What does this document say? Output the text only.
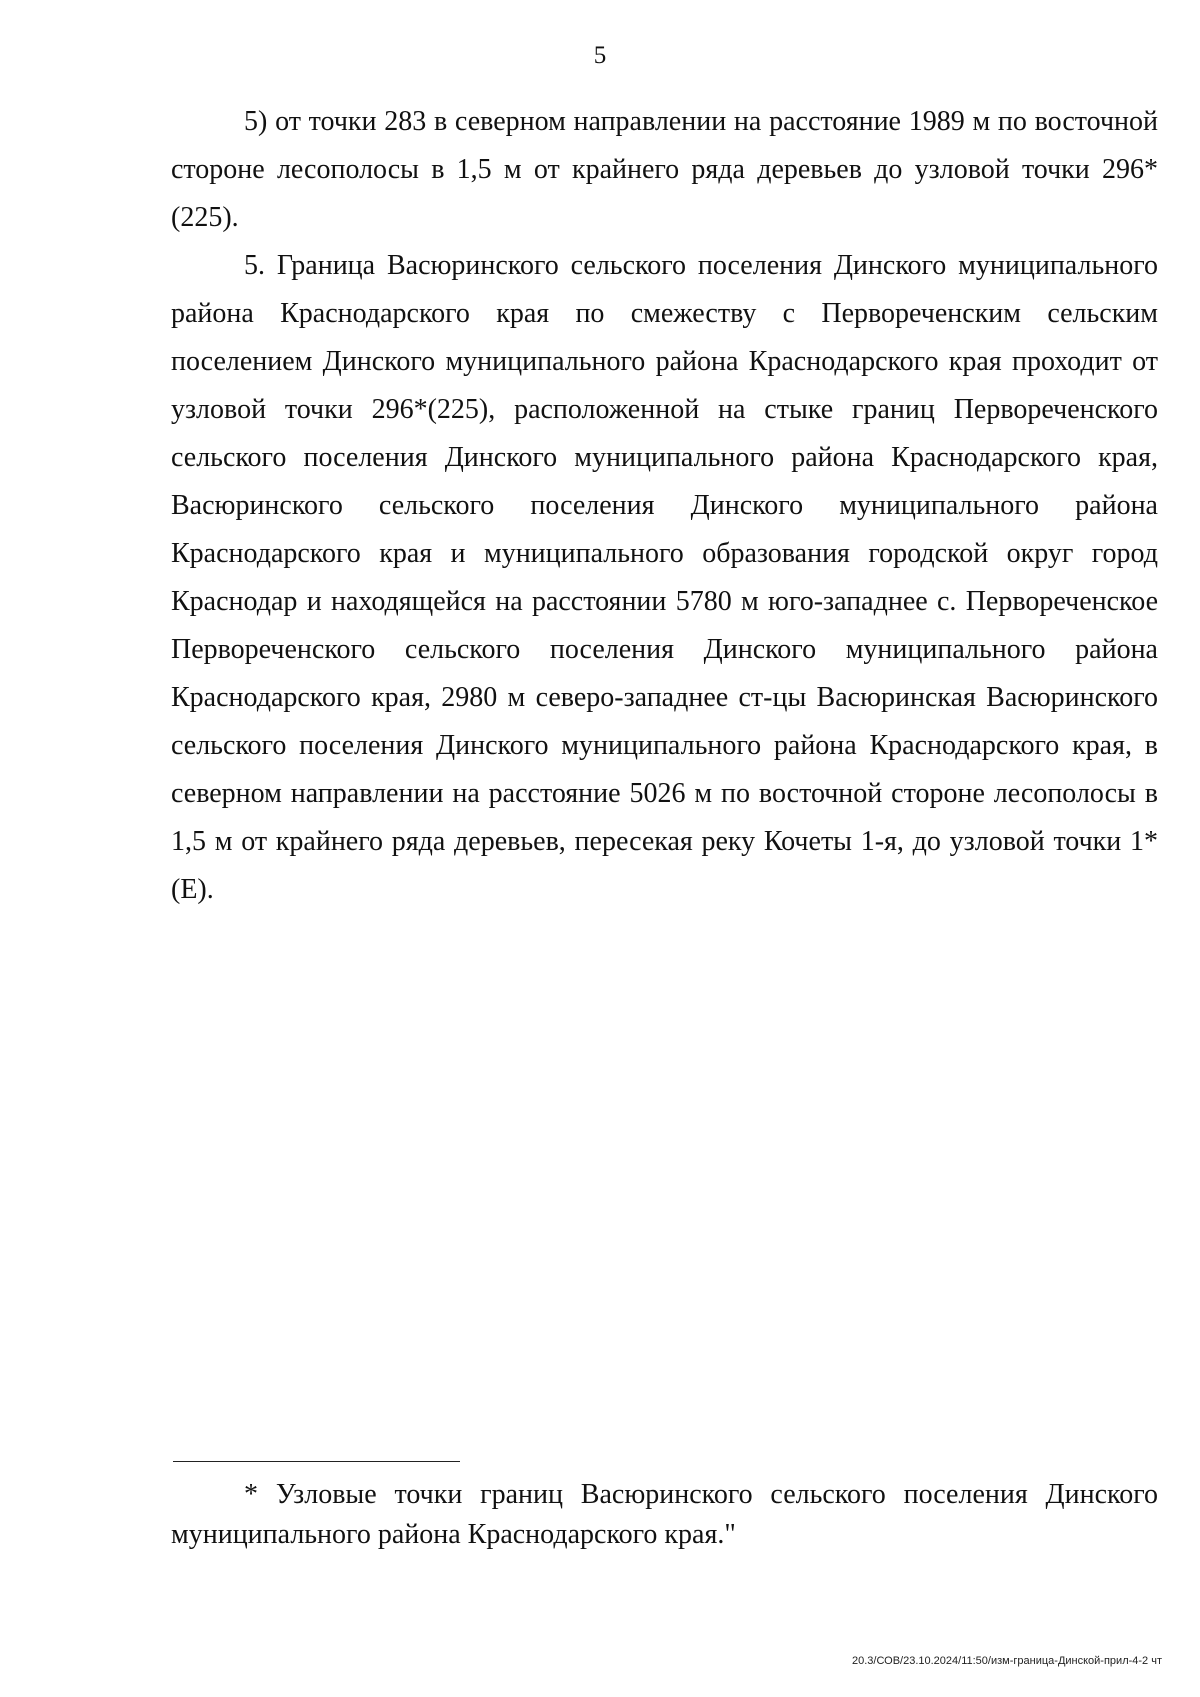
5

5) от точки 283 в северном направлении на расстояние 1989 м по восточной стороне лесополосы в 1,5 м от крайнего ряда деревьев до узловой точки 296*(225).

5. Граница Васюринского сельского поселения Динского муниципального района Краснодарского края по смежеству с Первореченским сельским поселением Динского муниципального района Краснодарского края проходит от узловой точки 296*(225), расположенной на стыке границ Первореченского сельского поселения Динского муниципального района Краснодарского края, Васюринского сельского поселения Динского муниципального района Краснодарского края и муниципального образования городской округ город Краснодар и находящейся на расстоянии 5780 м юго-западнее с. Первореченское Первореченского сельского поселения Динского муниципального района Краснодарского края, 2980 м северо-западнее ст-цы Васюринская Васюринского сельского поселения Динского муниципального района Краснодарского края, в северном направлении на расстояние 5026 м по восточной стороне лесополосы в 1,5 м от крайнего ряда деревьев, пересекая реку Кочеты 1-я, до узловой точки 1*(Е).

* Узловые точки границ Васюринского сельского поселения Динского муниципального района Краснодарского края."

20.3/СОВ/23.10.2024/11:50/изм-граница-Динской-прил-4-2 чт
